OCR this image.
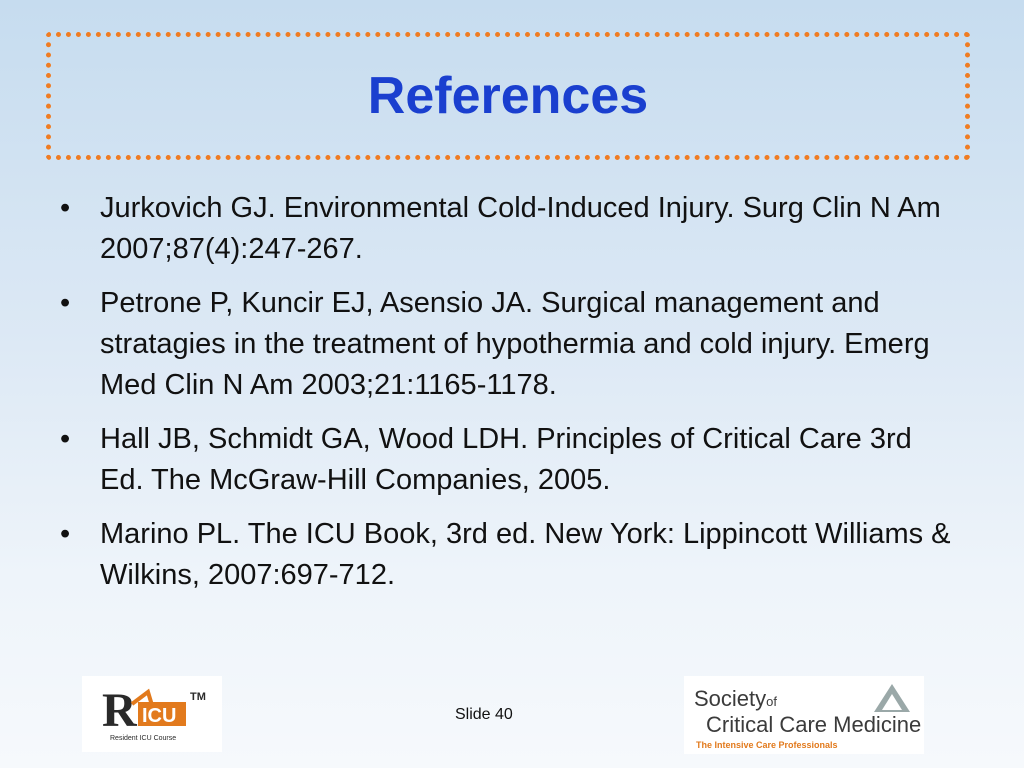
References
• Jurkovich GJ. Environmental Cold-Induced Injury. Surg Clin N Am 2007;87(4):247-267.
• Petrone P, Kuncir EJ, Asensio JA. Surgical management and stratagies in the treatment of hypothermia and cold injury. Emerg Med Clin N Am 2003;21:1165-1178.
• Hall JB, Schmidt GA, Wood LDH. Principles of Critical Care 3rd Ed. The McGraw-Hill Companies, 2005.
• Marino PL. The ICU Book, 3rd ed. New York: Lippincott Williams & Wilkins, 2007:697-712.
R ICU
TM
Resident ICU Course
Slide 40
Societyof
Critical Care Medicine
The Intensive Care Professionals
